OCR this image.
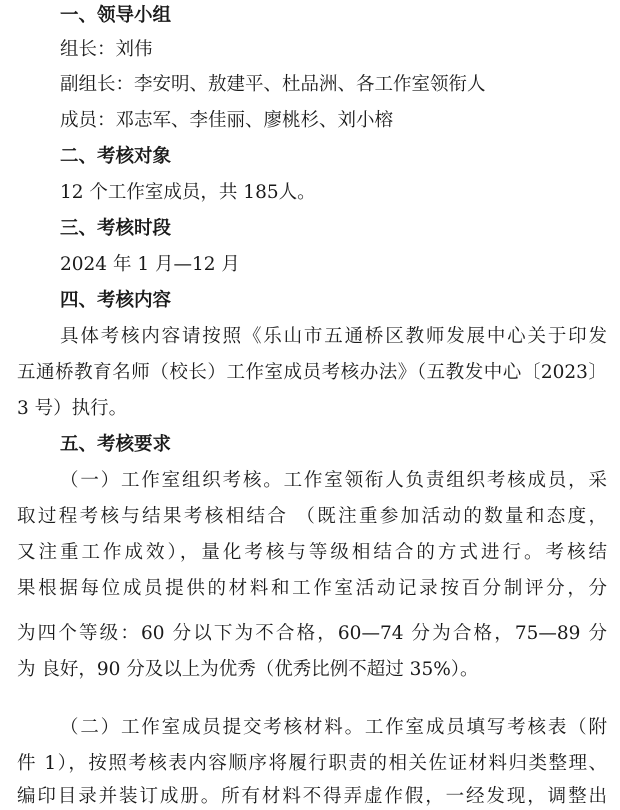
一、领导小组
组长：刘伟
副组长：李安明、敖建平、杜品洲、各工作室领衔人
成员：邓志军、李佳丽、廖桃杉、刘小榕
二、考核对象
12 个工作室成员，共 185人。
三、考核时段
2024 年 1 月—12 月
四、考核内容
具体考核内容请按照《乐山市五通桥区教师发展中心关于印发
五通桥教育名师（校长）工作室成员考核办法》（五教发中心〔2023〕
3 号）执行。
五、考核要求
（一）工作室组织考核。工作室领衔人负责组织考核成员，采
取过程考核与结果考核相结合 （既注重参加活动的数量和态度，
又注重工作成效），量化考核与等级相结合的方式进行。考核结
果根据每位成员提供的材料和工作室活动记录按百分制评分，分
为四个等级：60 分以下为不合格，60—74 分为合格，75—89 分
为 良好，90 分及以上为优秀（优秀比例不超过 35%）。
（二）工作室成员提交考核材料。工作室成员填写考核表（附
件 1），按照考核表内容顺序将履行职责的相关佐证材料归类整理、
编印目录并装订成册。所有材料不得弄虚作假，一经发现，调整出
